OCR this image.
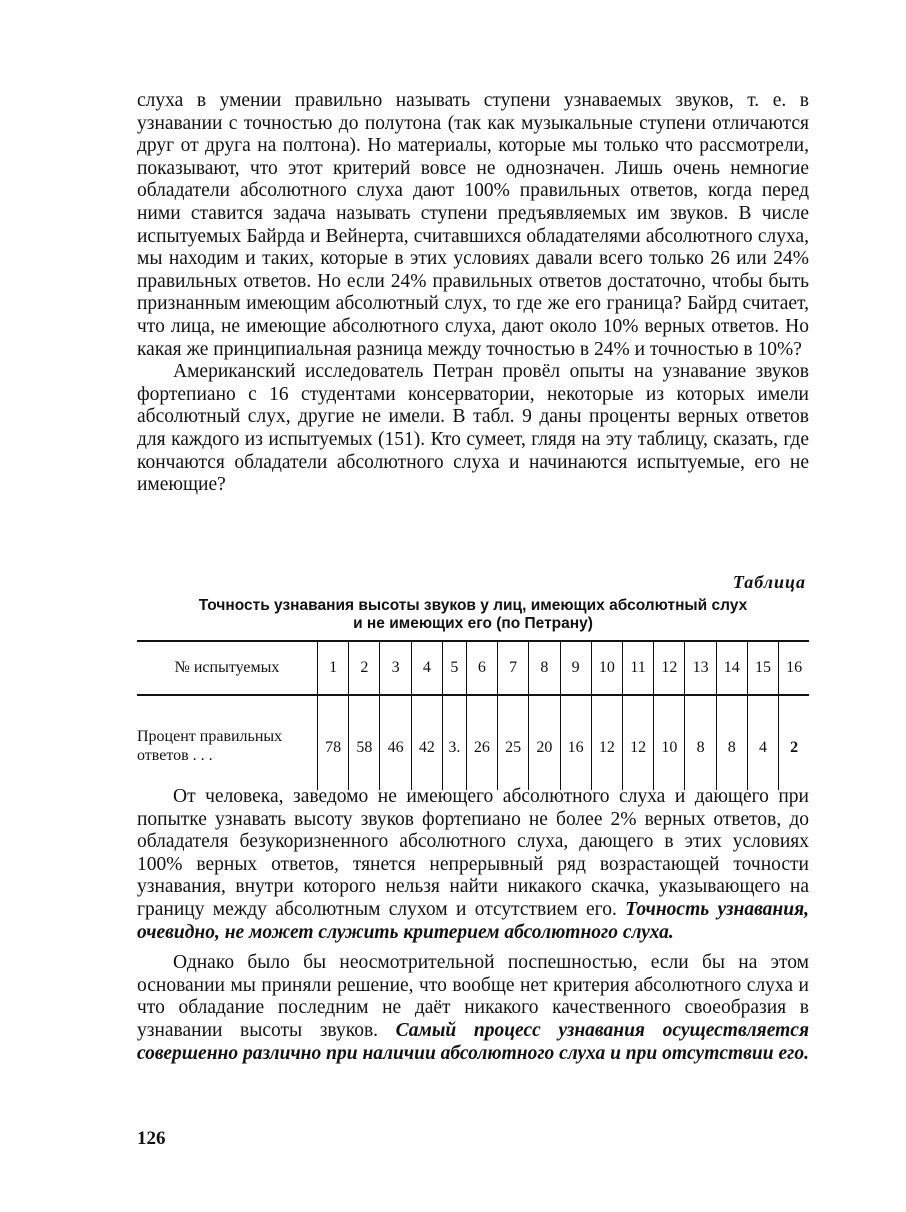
слуха в умении правильно называть ступени узнаваемых звуков, т. е. в узнавании с точностью до полутона (так как музыкальные ступени отличаются друг от друга на полтона). Но материалы, которые мы только что рассмотрели, показывают, что этот критерий вовсе не однозначен. Лишь очень немногие обладатели абсолютного слуха дают 100% правильных ответов, когда перед ними ставится задача называть ступени предъявляемых им звуков. В числе испытуемых Байрда и Вейнерта, считавшихся обладателями абсолютного слуха, мы находим и таких, которые в этих условиях давали всего только 26 или 24% правильных ответов. Но если 24% правильных ответов достаточно, чтобы быть признанным имеющим абсолютный слух, то где же его граница? Байрд считает, что лица, не имеющие абсолютного слуха, дают около 10% верных ответов. Но какая же принципиальная разница между точностью в 24% и точностью в 10%?

Американский исследователь Петран провёл опыты на узнавание звуков фортепиано с 16 студентами консерватории, некоторые из которых имели абсолютный слух, другие не имели. В табл. 9 даны проценты верных ответов для каждого из испытуемых (151). Кто сумеет, глядя на эту таблицу, сказать, где кончаются обладатели абсолютного слуха и начинаются испытуемые, его не имеющие?

Таблица
Точность узнавания высоты звуков у лиц, имеющих абсолютный слух
и не имеющих его (по Петрану)
№ испытуемых	1	2	3	4	5	6	7	8	9	10	11	12	13	14	15	16
Процент правильных ответов . . .	78	58	46	42	3.	26	25	20	16	12	12	10	8	8	4	2

От человека, заведомо не имеющего абсолютного слуха и дающего при попытке узнавать высоту звуков фортепиано не более 2% верных ответов, до обладателя безукоризненного абсолютного слуха, дающего в этих условиях 100% верных ответов, тянется непрерывный ряд возрастающей точности узнавания, внутри которого нельзя найти никакого скачка, указывающего на границу между абсолютным слухом и отсутствием его. Точность узнавания, очевидно, не может служить критерием абсолютного слуха.

Однако было бы неосмотрительной поспешностью, если бы на этом основании мы приняли решение, что вообще нет критерия абсолютного слуха и что обладание последним не даёт никакого качественного своеобразия в узнавании высоты звуков. Самый процесс узнавания осуществляется совершенно различно при наличии абсолютного слуха и при отсутствии его.

126
